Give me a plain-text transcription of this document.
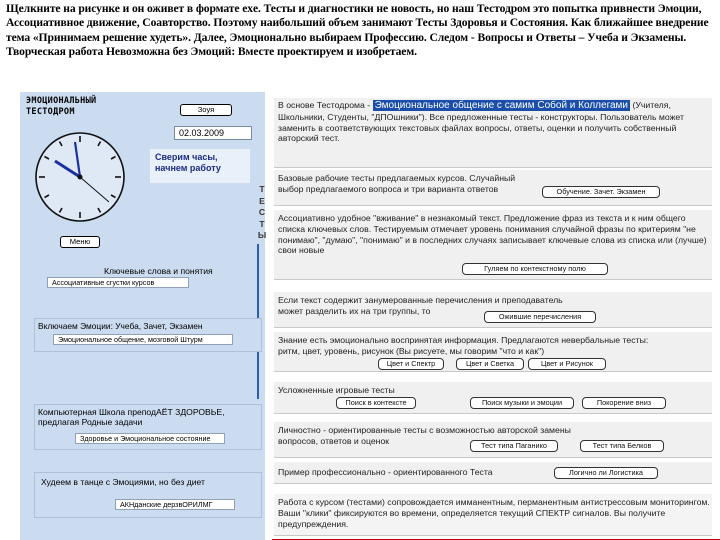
Щелкните на рисунке и он оживет в формате exe. Тесты и диагностики не новость, но наш Тестодром это попытка привнести Эмоции, Ассоциативное движение, Соавторство. Поэтому наибольший объем занимают Тесты Здоровья и Состояния. Как ближайшее внедрение тема «Принимаем решение худеть». Далее, Эмоционально выбираем Профессию. Следом - Вопросы и Ответы – Учеба и Экзамены. Творческая работа Невозможна без Эмоций: Вместе проектируем и изобретаем.
ЭМОЦИОНАЛЬНЫЙ ТЕСТОДРОМ	Зоуя
02.03.2009
Сверим часы, начнем работу
Меню
Т Е С Т Ы
Ключевые слова и понятия
Ассоциативные сгустки курсов
Включаем Эмоции: Учеба, Зачет, Экзамен
Эмоциональное общение, мозговой Штурм
Компьютерная Школа преподАЁТ ЗДОРОВЬЕ, предлагая Родные задачи
Здоровье и Эмоциональное состояние
Худеем в танце с Эмоциями, но без диет
АКНданские дерзвОРИЛМГ
В основе Тестодрома - Эмоциональное общение с самим Собой и Коллегами (Учителя, Школьники, Студенты, "ДПОшники"). Все предложенные тесты - конструкторы. Пользователь может заменить в соответствующих текстовых файлах вопросы, ответы, оценки и получить собственный авторский тест.
Базовые рабочие тесты предлагаемых курсов. Случайный выбор предлагаемого вопроса и три варианта ответов	Обучение. Зачет. Экзамен
Ассоциативно удобное "вживание" в незнакомый текст. Предложение фраз из текста и к ним общего списка ключевых слов. Тестируемым отмечает уровень понимания случайной фразы по критериям "не понимаю", "думаю", "понимаю" и в последних случаях записывает ключевые слова из списка или (лучше) свои новые
Гуляем по контекстному полю
Если текст содержит занумерованные перечисления и преподаватель может разделить их на три группы, то
Ожившие перечисления
Знание есть эмоционально воспринятая информация. Предлагаются невербальные тесты: ритм, цвет, уровень, рисунок (Вы рисуете, мы говорим "что и как")
Цвет и Спектр	Цвет и Светка	Цвет и Рисунок
Усложненные игровые тесты
Поиск в контексте	Поиск музыки и эмоции	Покорение вниз
Личностно - ориентированные тесты с возможностью авторской замены вопросов, ответов и оценок	Тест типа Паганико	Тест типа Белков
Пример профессионально - ориентированного Теста	Логично ли Логистика
Работа с курсом (тестами) сопровождается имманентным, перманентным антистрессовым мониторингом. Ваши "клики" фиксируются во времени, определяется текущий СПЕКТР сигналов. Вы получите предупреждения.
